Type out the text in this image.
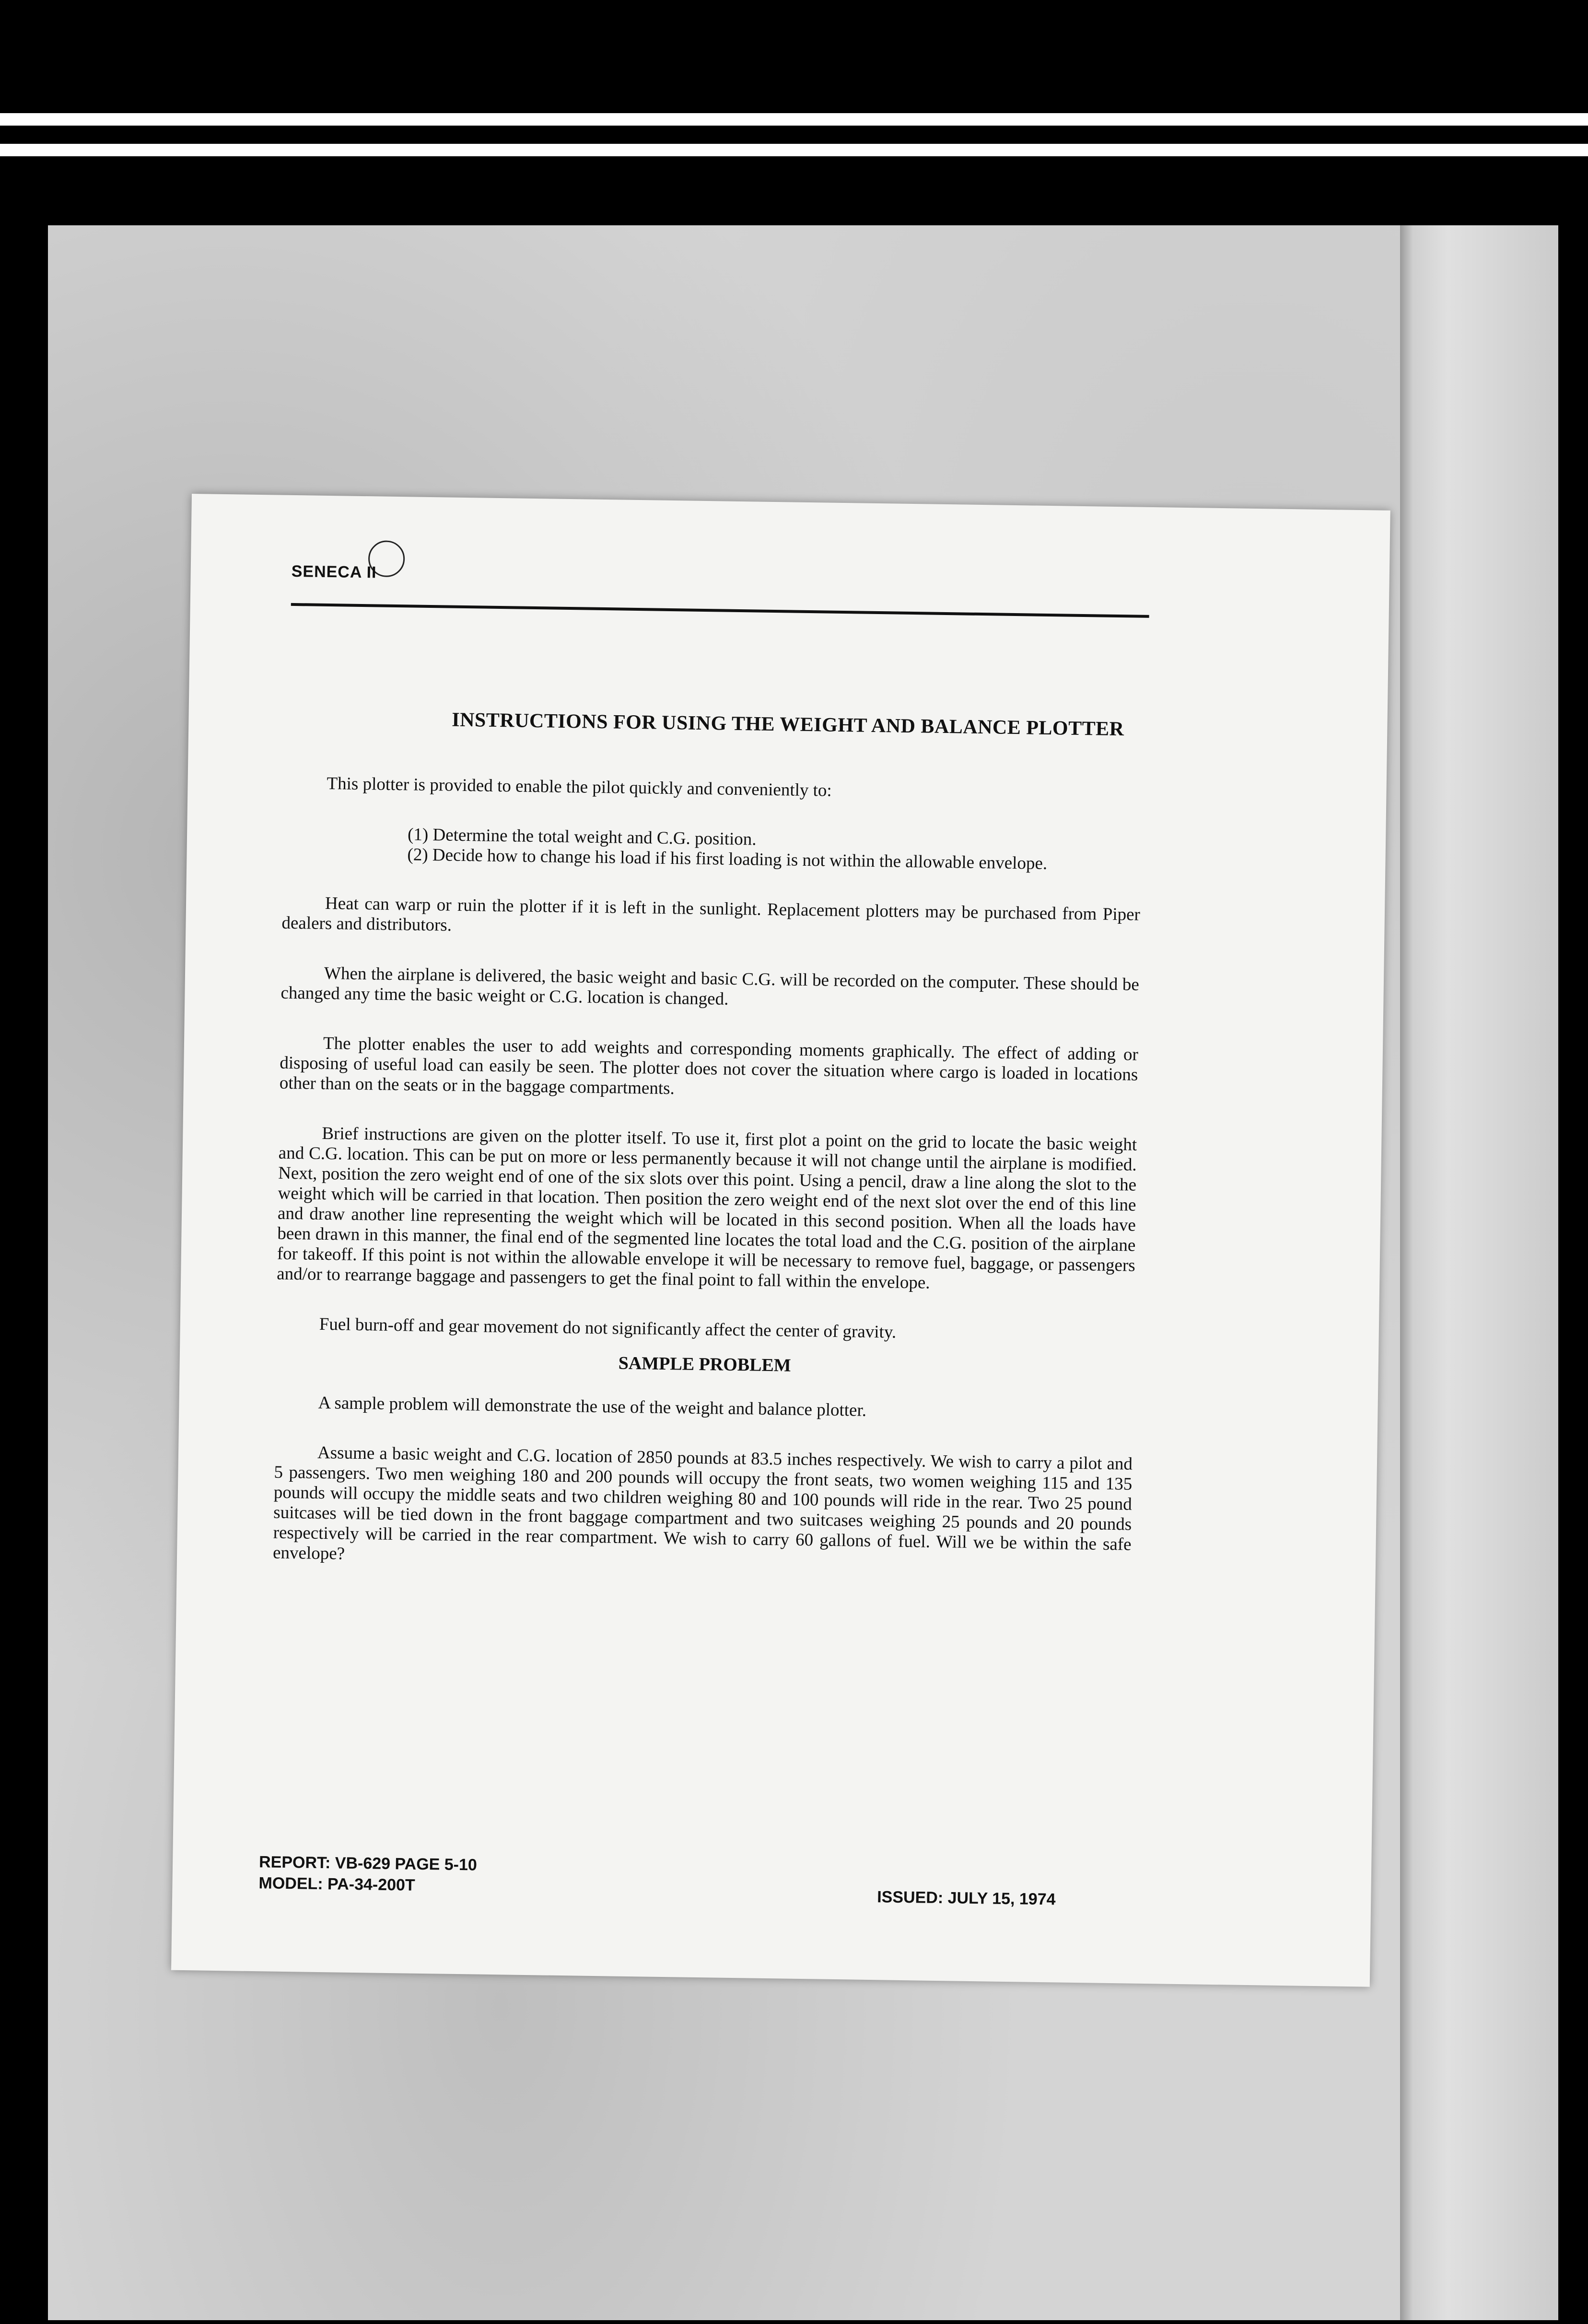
SENECA II
INSTRUCTIONS FOR USING THE WEIGHT AND BALANCE PLOTTER

This plotter is provided to enable the pilot quickly and conveniently to:

(1) Determine the total weight and C.G. position.
(2) Decide how to change his load if his first loading is not within the allowable envelope.

Heat can warp or ruin the plotter if it is left in the sunlight. Replacement plotters may be purchased from Piper dealers and distributors.

When the airplane is delivered, the basic weight and basic C.G. will be recorded on the computer. These should be changed any time the basic weight or C.G. location is changed.

The plotter enables the user to add weights and corresponding moments graphically. The effect of adding or disposing of useful load can easily be seen. The plotter does not cover the situation where cargo is loaded in locations other than on the seats or in the baggage compartments.

Brief instructions are given on the plotter itself. To use it, first plot a point on the grid to locate the basic weight and C.G. location. This can be put on more or less permanently because it will not change until the airplane is modified. Next, position the zero weight end of one of the six slots over this point. Using a pencil, draw a line along the slot to the weight which will be carried in that location. Then position the zero weight end of the next slot over the end of this line and draw another line representing the weight which will be located in this second position. When all the loads have been drawn in this manner, the final end of the segmented line locates the total load and the C.G. position of the airplane for takeoff. If this point is not within the allowable envelope it will be necessary to remove fuel, baggage, or passengers and/or to rearrange baggage and passengers to get the final point to fall within the envelope.

Fuel burn-off and gear movement do not significantly affect the center of gravity.

SAMPLE PROBLEM

A sample problem will demonstrate the use of the weight and balance plotter.

Assume a basic weight and C.G. location of 2850 pounds at 83.5 inches respectively. We wish to carry a pilot and 5 passengers. Two men weighing 180 and 200 pounds will occupy the front seats, two women weighing 115 and 135 pounds will occupy the middle seats and two children weighing 80 and 100 pounds will ride in the rear. Two 25 pound suitcases will be tied down in the front baggage compartment and two suitcases weighing 25 pounds and 20 pounds respectively will be carried in the rear compartment. We wish to carry 60 gallons of fuel. Will we be within the safe envelope?

REPORT: VB-629 PAGE 5-10
MODEL: PA-34-200T
ISSUED: JULY 15, 1974
